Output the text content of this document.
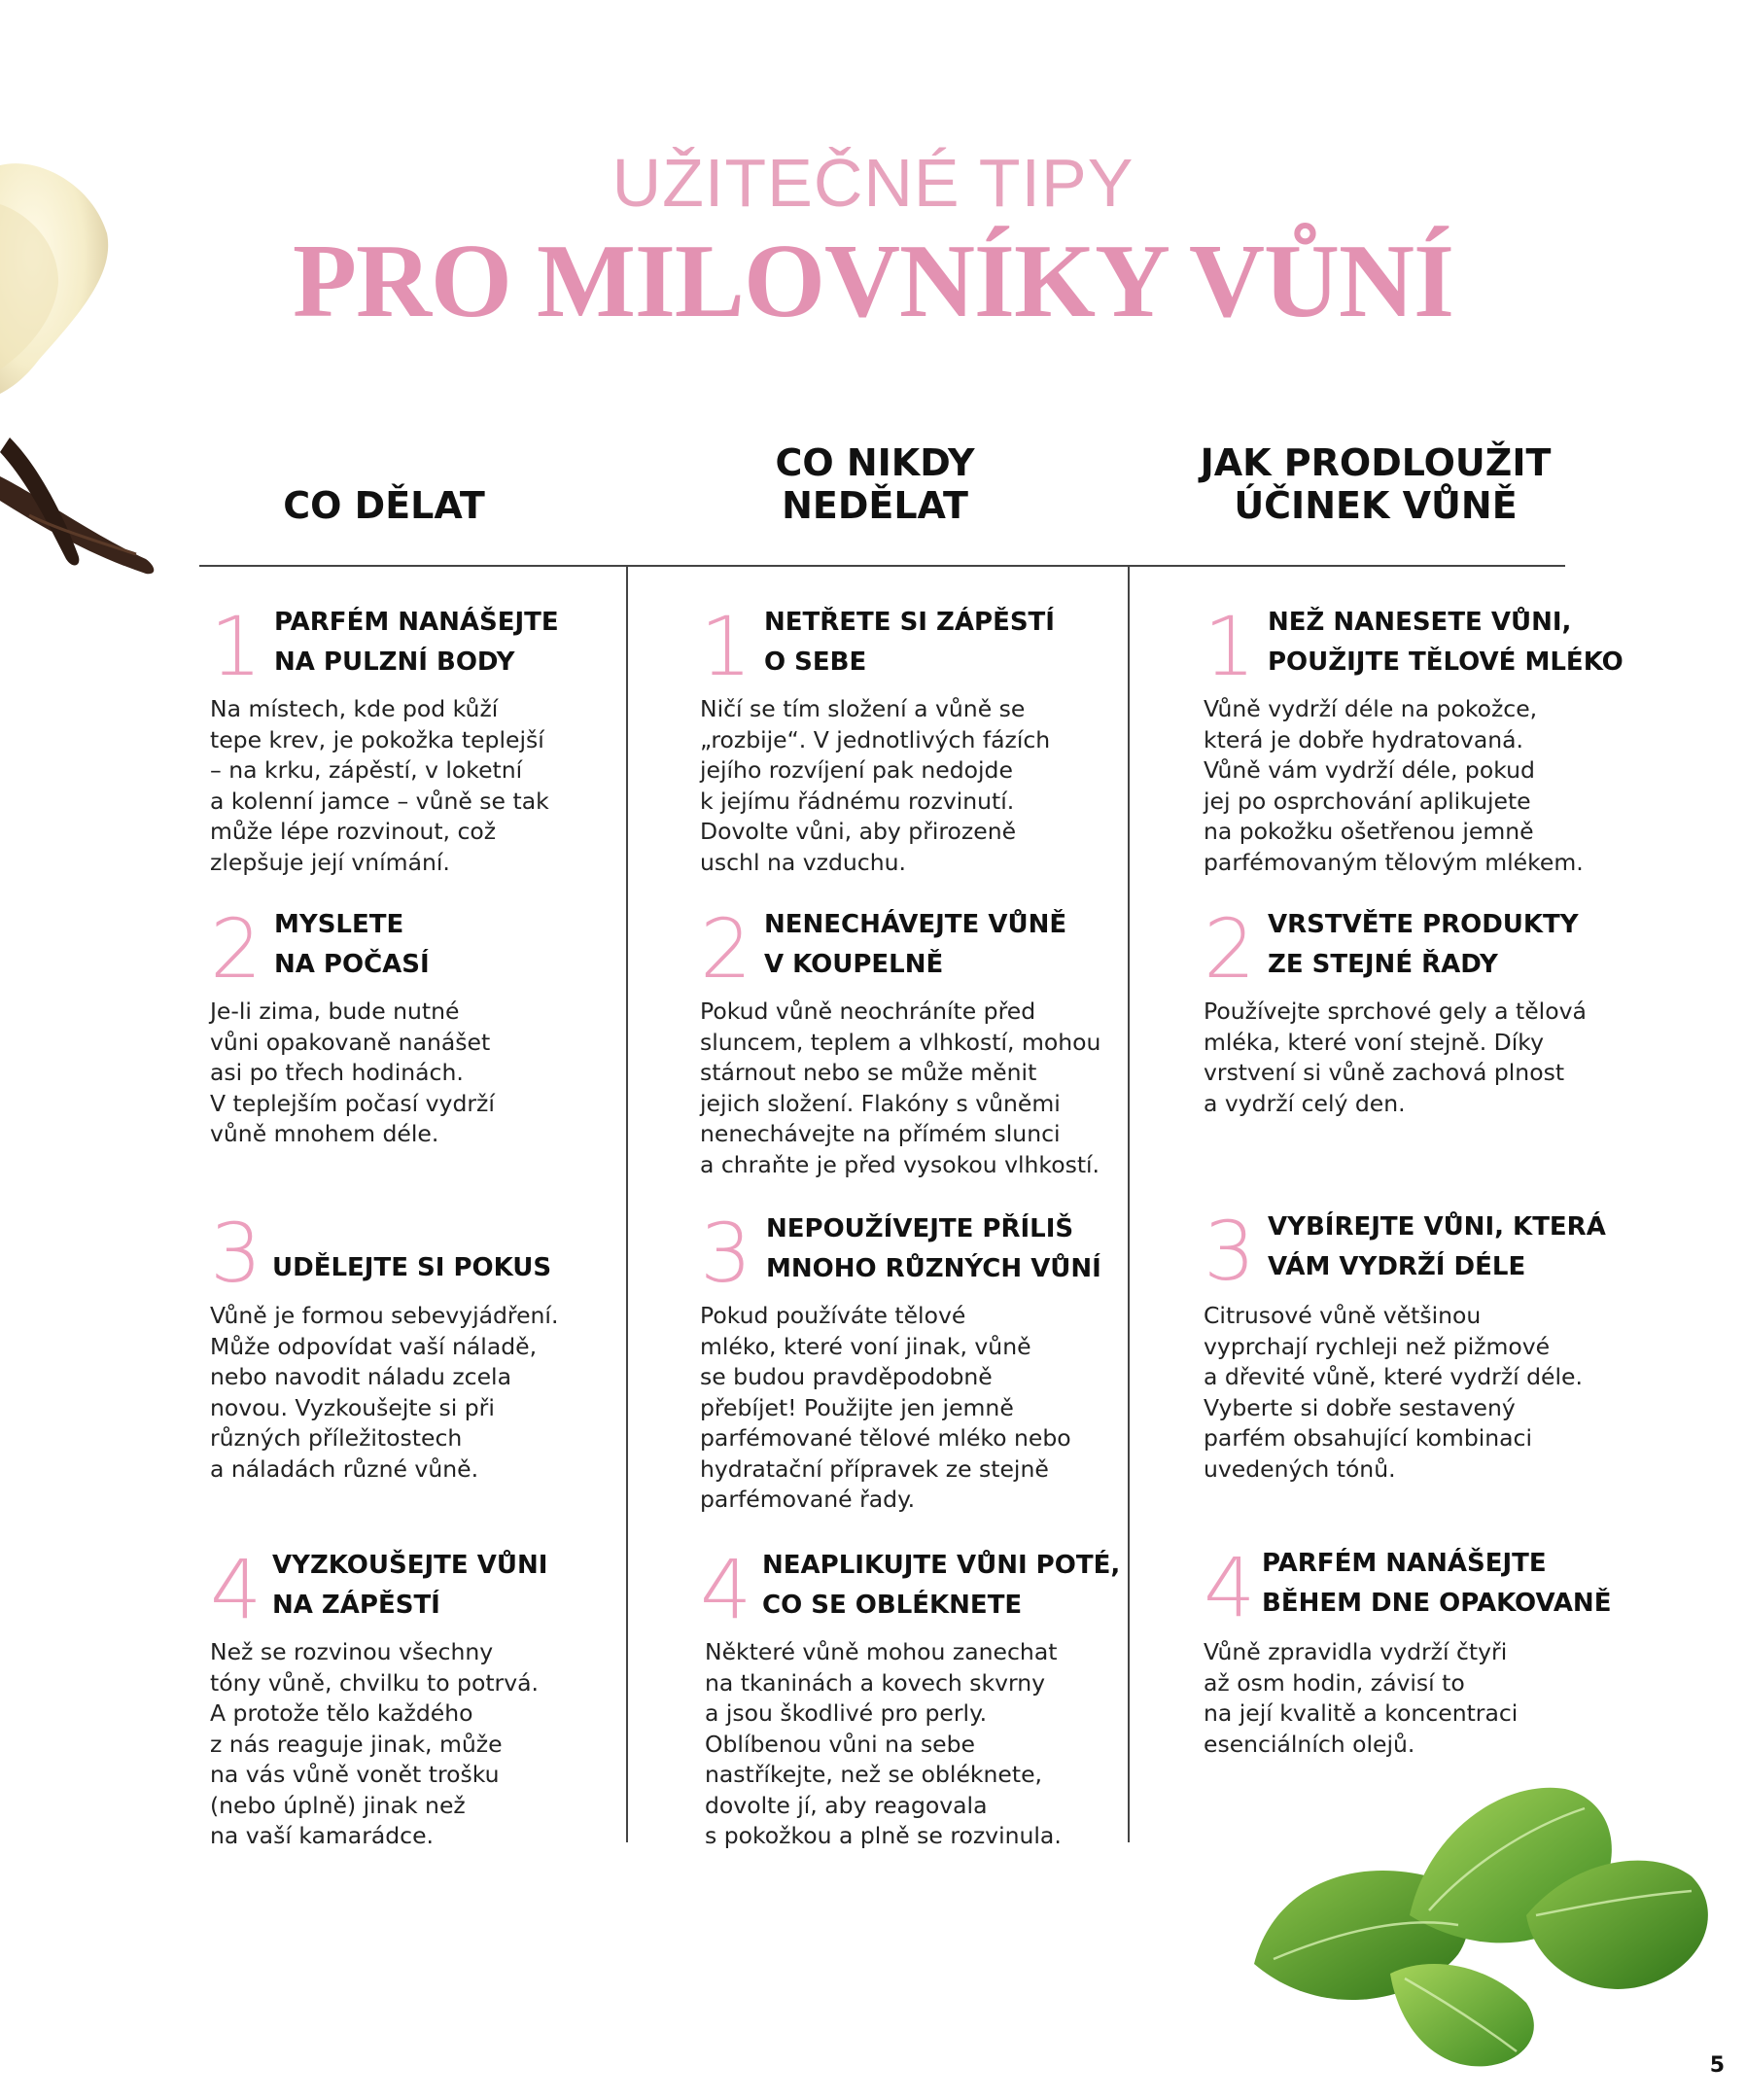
UŽITEČNÉ TIPY
PRO MILOVNÍKY VŮNÍ
CO DĚLAT
CO NIKDY
NEDĚLAT
JAK PRODLOUŽIT
ÚČINEK VŮNĚ
1 PARFÉM NANÁŠEJTE
NA PULZNÍ BODY
Na místech, kde pod kůží
tepe krev, je pokožka teplejší
– na krku, zápěstí, v loketní
a kolenní jamce – vůně se tak
může lépe rozvinout, což
zlepšuje její vnímání.
2 MYSLETE
NA POČASÍ
Je-li zima, bude nutné
vůni opakovaně nanášet
asi po třech hodinách.
V teplejším počasí vydrží
vůně mnohem déle.
3 UDĚLEJTE SI POKUS
Vůně je formou sebevyjádření.
Může odpovídat vaší náladě,
nebo navodit náladu zcela
novou. Vyzkoušejte si při
různých příležitostech
a náladách různé vůně.
4 VYZKOUŠEJTE VŮNI
NA ZÁPĚSTÍ
Než se rozvinou všechny
tóny vůně, chvilku to potrvá.
A protože tělo každého
z nás reaguje jinak, může
na vás vůně vonět trošku
(nebo úplně) jinak než
na vaší kamarádce.
1 NETŘETE SI ZÁPĚSTÍ
O SEBE
Ničí se tím složení a vůně se
„rozbije“. V jednotlivých fázích
jejího rozvíjení pak nedojde
k jejímu řádnému rozvinutí.
Dovolte vůni, aby přirozeně
uschl na vzduchu.
2 NENECHÁVEJTE VŮNĚ
V KOUPELNĚ
Pokud vůně neochráníte před
sluncem, teplem a vlhkostí, mohou
stárnout nebo se může měnit
jejich složení. Flakóny s vůněmi
nenechávejte na přímém slunci
a chraňte je před vysokou vlhkostí.
3 NEPOUŽÍVEJTE PŘÍLIŠ
MNOHO RŮZNÝCH VŮNÍ
Pokud používáte tělové
mléko, které voní jinak, vůně
se budou pravděpodobně
přebíjet! Použijte jen jemně
parfémované tělové mléko nebo
hydratační přípravek ze stejně
parfémované řady.
4 NEAPLIKUJTE VŮNI POTÉ,
CO SE OBLÉKNETE
Některé vůně mohou zanechat
na tkaninách a kovech skvrny
a jsou škodlivé pro perly.
Oblíbenou vůni na sebe
nastříkejte, než se obléknete,
dovolte jí, aby reagovala
s pokožkou a plně se rozvinula.
1 NEŽ NANESETE VŮNI,
POUŽIJTE TĚLOVÉ MLÉKO
Vůně vydrží déle na pokožce,
která je dobře hydratovaná.
Vůně vám vydrží déle, pokud
jej po osprchování aplikujete
na pokožku ošetřenou jemně
parfémovaným tělovým mlékem.
2 VRSTVĚTE PRODUKTY
ZE STEJNÉ ŘADY
Používejte sprchové gely a tělová
mléka, které voní stejně. Díky
vrstvení si vůně zachová plnost
a vydrží celý den.
3 VYBÍREJTE VŮNI, KTERÁ
VÁM VYDRŽÍ DÉLE
Citrusové vůně většinou
vyprchají rychleji než pižmové
a dřevité vůně, které vydrží déle.
Vyberte si dobře sestavený
parfém obsahující kombinaci
uvedených tónů.
4 PARFÉM NANÁŠEJTE
BĚHEM DNE OPAKOVANĚ
Vůně zpravidla vydrží čtyři
až osm hodin, závisí to
na její kvalitě a koncentraci
esenciálních olejů.
5
